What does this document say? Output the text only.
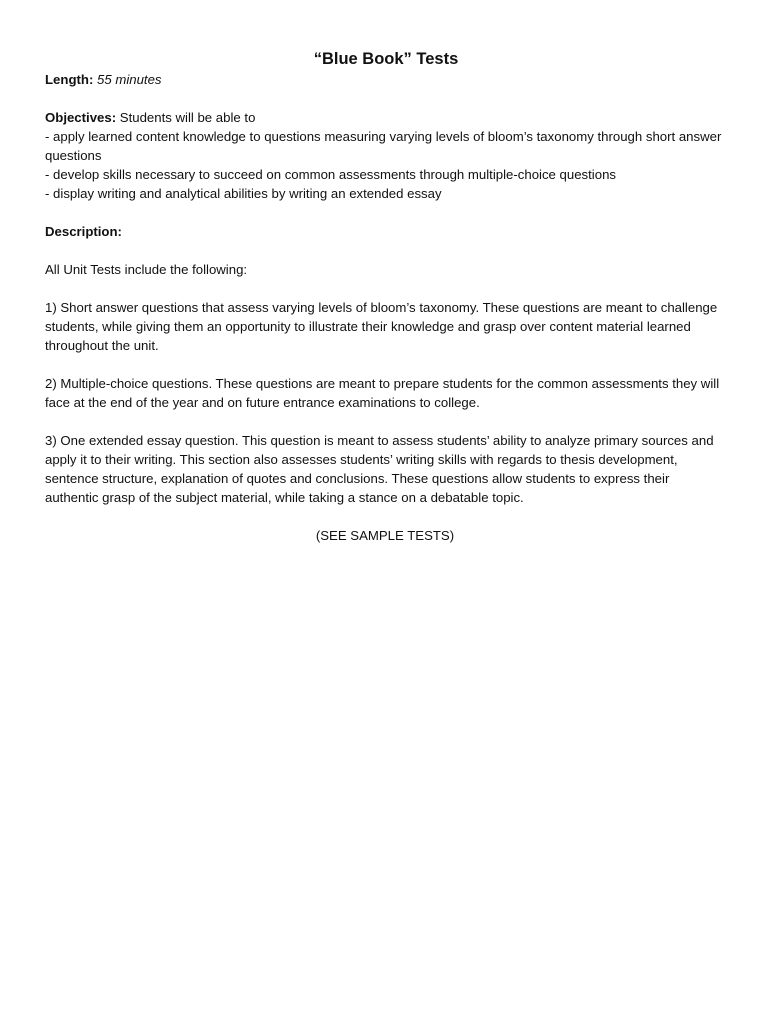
“Blue Book” Tests

Length: 55 minutes

Objectives: Students will be able to

- apply learned content knowledge to questions measuring varying levels of bloom’s taxonomy through short answer questions

- develop skills necessary to succeed on common assessments through multiple-choice questions

- display writing and analytical abilities by writing an extended essay

Description:

All Unit Tests include the following:

1) Short answer questions that assess varying levels of bloom’s taxonomy. These questions are meant to challenge students, while giving them an opportunity to illustrate their knowledge and grasp over content material learned throughout the unit.

2) Multiple-choice questions. These questions are meant to prepare students for the common assessments they will face at the end of the year and on future entrance examinations to college.

3) One extended essay question. This question is meant to assess students’ ability to analyze primary sources and apply it to their writing. This section also assesses students’ writing skills with regards to thesis development, sentence structure, explanation of quotes and conclusions. These questions allow students to express their authentic grasp of the subject material, while taking a stance on a debatable topic.

(SEE SAMPLE TESTS)
